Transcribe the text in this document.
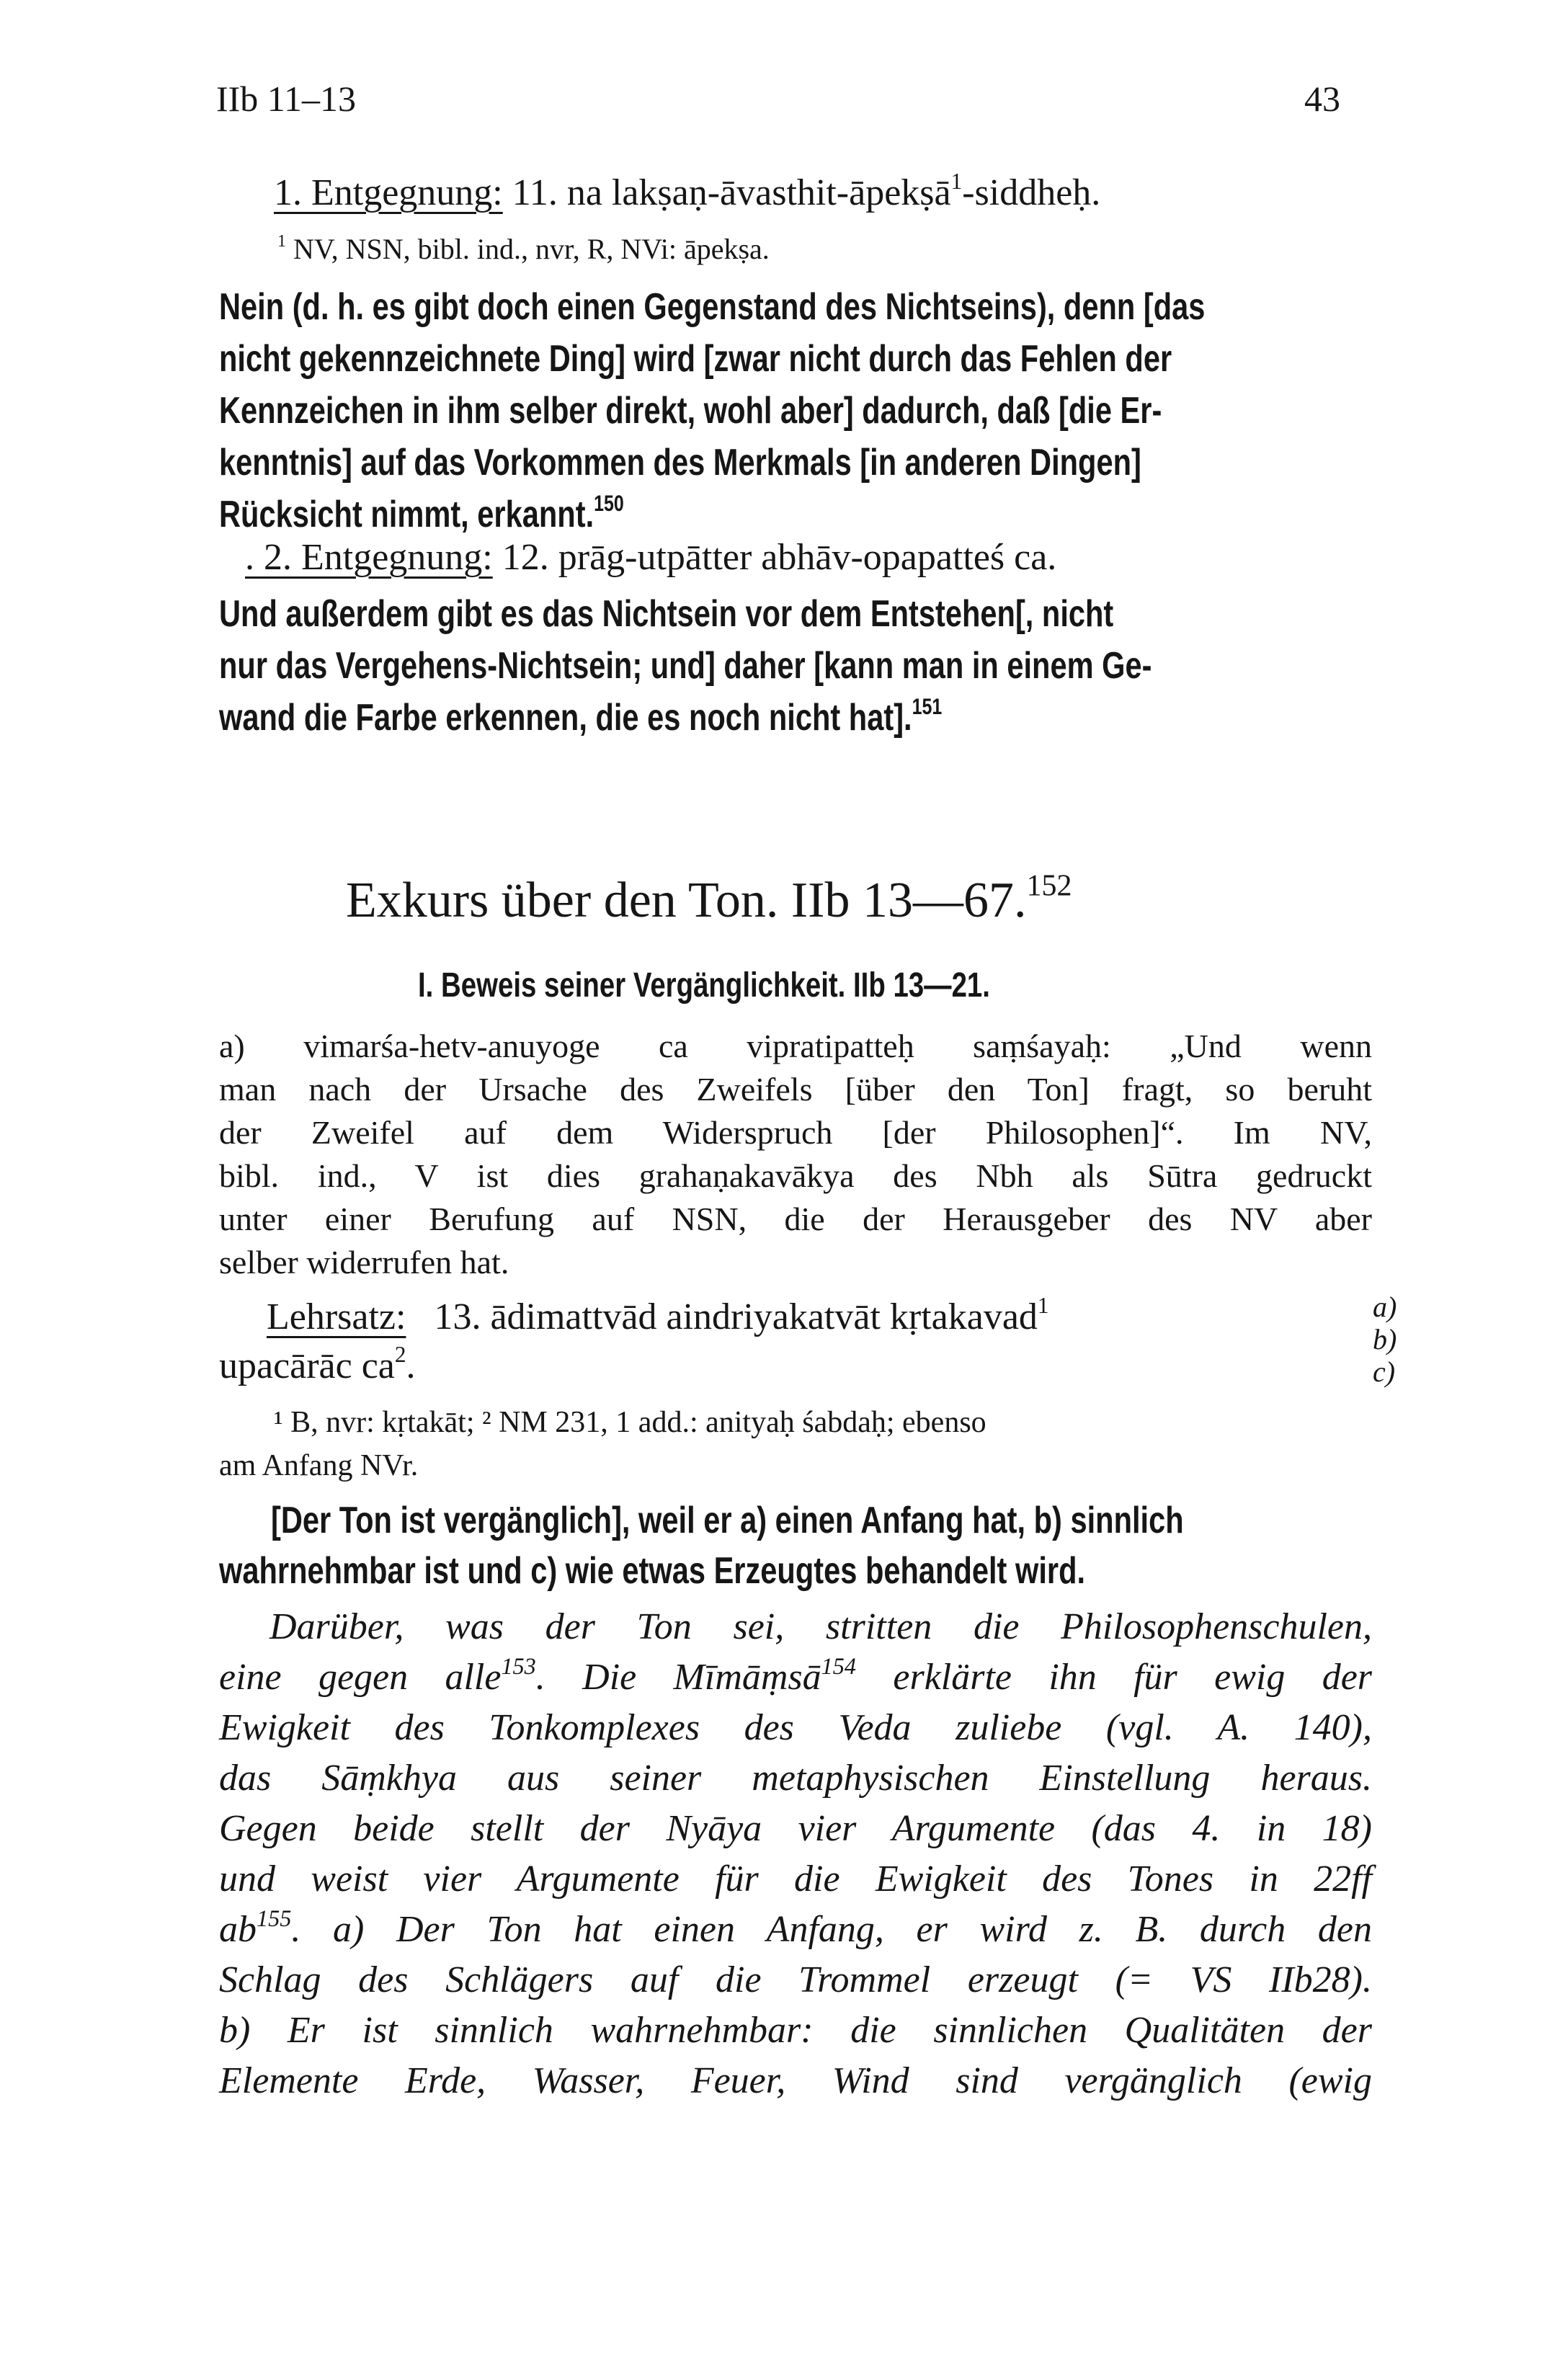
IIb 11–13	43
1. Entgegnung: 11. na lakṣaṇ-āvasthit-āpekṣā$^1$-siddheḥ.
$^1$ NV, NSN, bibl. ind., nvr, R, NVi: āpekṣa.
Nein (d. h. es gibt doch einen Gegenstand des Nichtseins), denn [das
nicht gekennzeichnete Ding] wird [zwar nicht durch das Fehlen der
Kennzeichen in ihm selber direkt, wohl aber] dadurch, daß [die Er-
kenntnis] auf das Vorkommen des Merkmals [in anderen Dingen]
Rücksicht nimmt, erkannt.$^{150}$
. 2. Entgegnung: 12. prāg-utpātter abhāv-opapatteś ca.
Und außerdem gibt es das Nichtsein vor dem Entstehen[, nicht
nur das Vergehens-Nichtsein; und] daher [kann man in einem Ge-
wand die Farbe erkennen, die es noch nicht hat].$^{151}$
Exkurs über den Ton. IIb 13—67.$^{152}$
I. Beweis seiner Vergänglichkeit. IIb 13—21.
a) vimarśa-hetv-anuyoge ca vipratipatteḥ saṃśayaḥ: „Und wenn
man nach der Ursache des Zweifels [über den Ton] fragt, so beruht
der Zweifel auf dem Widerspruch [der Philosophen]“. Im NV,
bibl. ind., V ist dies grahaṇakavākya des Nbh als Sūtra gedruckt
unter einer Berufung auf NSN, die der Herausgeber des NV aber
selber widerrufen hat.
Lehrsatz: 13. ādimattvād aindriyakatvāt kṛtakavad$^1$
upacārāc $ca^2$.
a)
b)
c)
¹ B, nvr: kṛtakāt; ² NM 231, 1 add.: anityaḥ śabdaḥ; ebenso
am Anfang NVr.
[Der Ton ist vergänglich], weil er a) einen Anfang hat, b) sinnlich
wahrnehmbar ist und c) wie etwas Erzeugtes behandelt wird.
Darüber, was der Ton sei, stritten die Philosophenschulen,
eine gegen alle$^{153}$. Die Mīmāṃsā$^{154}$ erklärte ihn für ewig der
Ewigkeit des Tonkomplexes des Veda zuliebe (vgl. A. 140),
das Sāṃkhya aus seiner metaphysischen Einstellung heraus.
Gegen beide stellt der Nyāya vier Argumente (das 4. in 18)
und weist vier Argumente für die Ewigkeit des Tones in 22ff
ab$^{155}$. a) Der Ton hat einen Anfang, er wird z. B. durch den
Schlag des Schlägers auf die Trommel erzeugt (= VS IIb28).
b) Er ist sinnlich wahrnehmbar: die sinnlichen Qualitäten der
Elemente Erde, Wasser, Feuer, Wind sind vergänglich (ewig
